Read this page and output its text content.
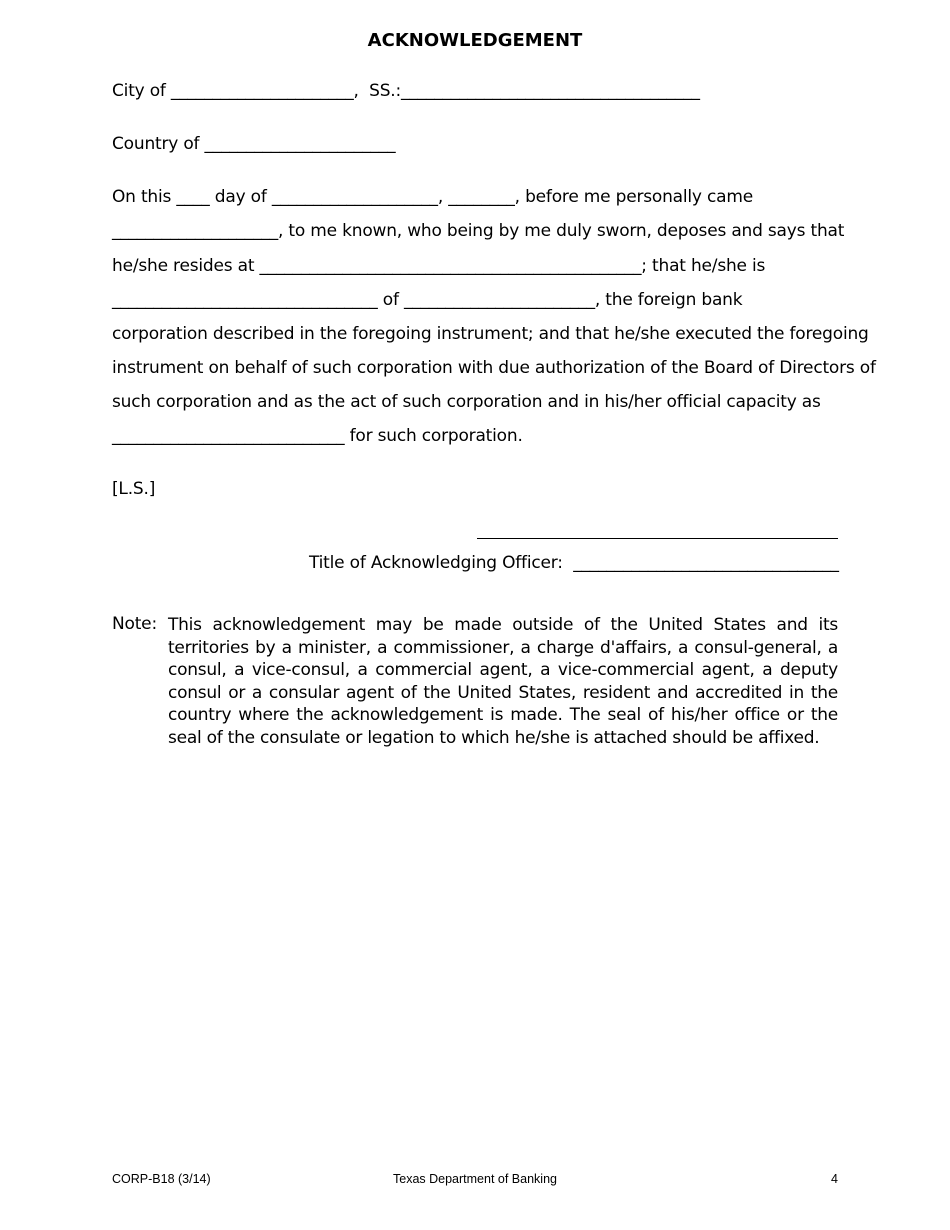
ACKNOWLEDGEMENT
City of ______________________,  SS.:____________________________________
Country of _______________________
On this ____ day of ____________________, ________, before me personally came
____________________, to me known, who being by me duly sworn, deposes and says that
he/she resides at ______________________________________________; that he/she is
________________________________ of _______________________, the foreign bank
corporation described in the foregoing instrument; and that he/she executed the foregoing
instrument on behalf of such corporation with due authorization of the Board of Directors of
such corporation and as the act of such corporation and in his/her official capacity as
____________________________ for such corporation.
[L.S.]
Title of Acknowledging Officer:  ________________________________
Note: This acknowledgement may be made outside of the United States and its territories by a minister, a commissioner, a charge d'affairs, a consul-general, a consul, a vice-consul, a commercial agent, a vice-commercial agent, a deputy consul or a consular agent of the United States, resident and accredited in the country where the acknowledgement is made. The seal of his/her office or the seal of the consulate or legation to which he/she is attached should be affixed.
CORP-B18 (3/14)	Texas Department of Banking	4
